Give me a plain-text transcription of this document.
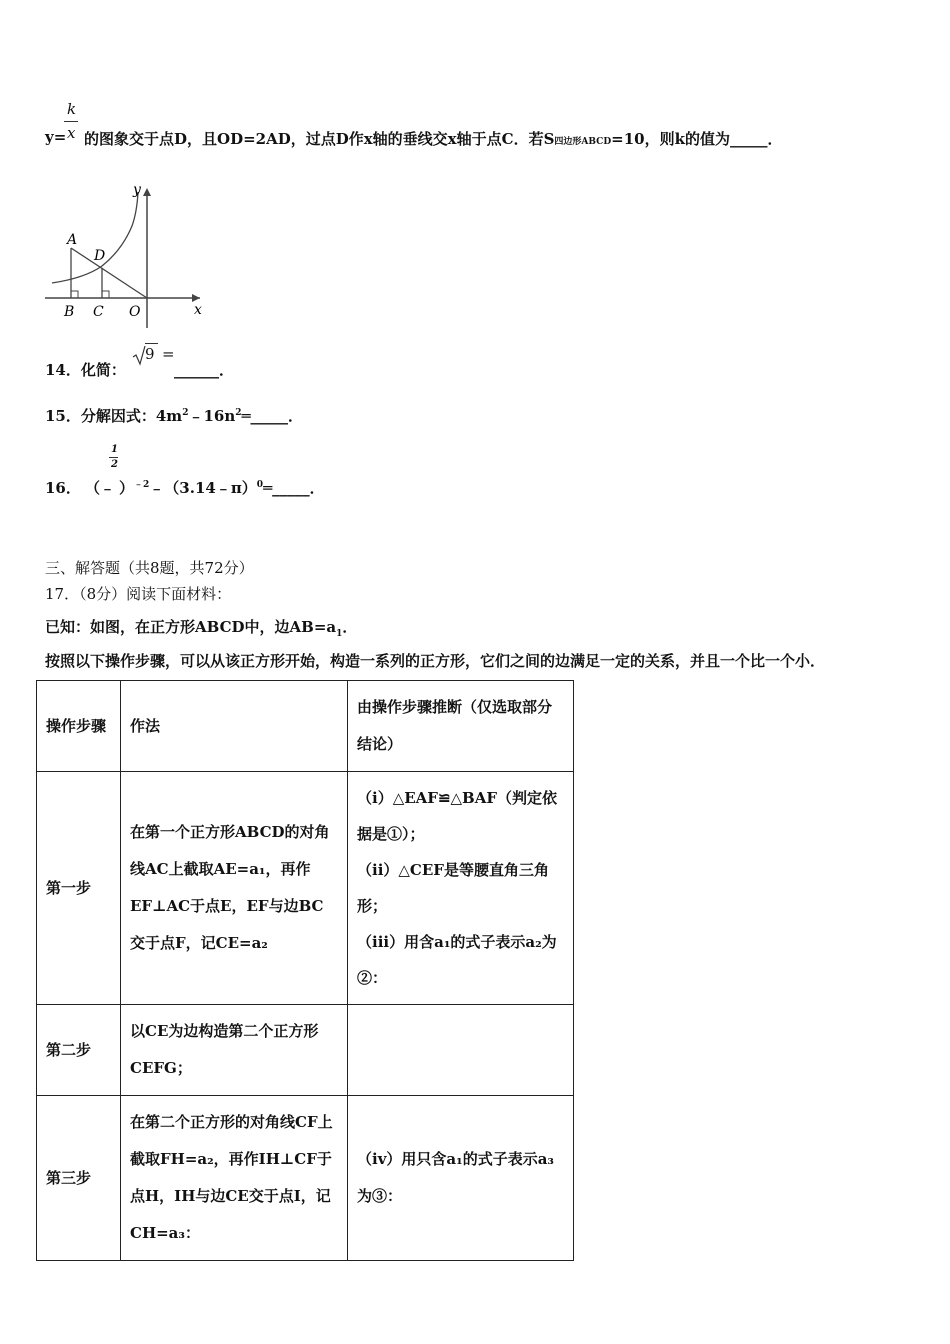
k
x
y= 的图象交于点D，且OD=2AD，过点D作x轴的垂线交x轴于点C．若S四边形ABCD=10，则k的值为_____．
y
A
D
B C O	x
14．化简：
9 =
______．
15．分解因式：$4m^2﹣16n^2═\_\_\_\_\_$．
1
2
16． （﹣ ）$^{﹣2}$﹣（3.14﹣π）$^0$═_____．
三、解答题（共8题，共72分）
17．（8分）阅读下面材料：
已知：如图，在正方形ABCD中，边$AB=a_1$．
按照以下操作步骤，可以从该正方形开始，构造一系列的正方形，它们之间的边满足一定的关系，并且一个比一个小．
操作步骤	作法	由操作步骤推断（仅选取部分结论）
第一步	在第一个正方形ABCD的对角线AC上截取AE=a₁，再作EF⊥AC于点E，EF与边BC交于点F，记CE=a₂	（i）△EAF≌△BAF（判定依据是①）；
（ii）△CEF是等腰直角三角形；
（iii）用含a₁的式子表示a₂为②：

第二步	以CE为边构造第二个正方形CEFG；	
第三步	在第二个正方形的对角线CF上截取FH=a₂，再作IH⊥CF于点H，IH与边CE交于点I，记CH=a₃：	（iv）用只含a₁的式子表示a₃为③：
